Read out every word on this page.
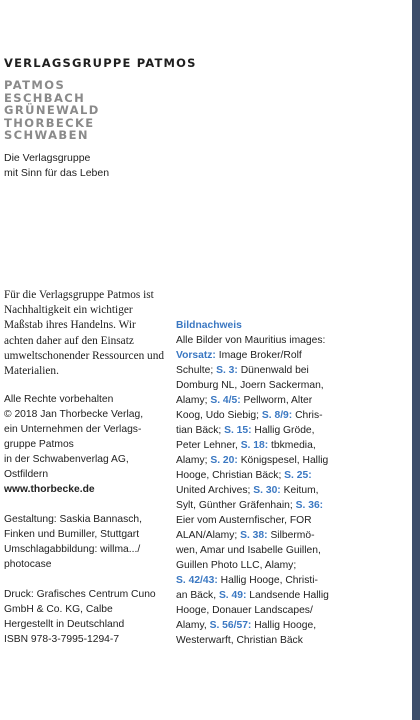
VERLAGSGRUPPE PATMOS
PATMOS
ESCHBACH
GRÜNEWALD
THORBECKE
SCHWABEN
Die Verlagsgruppe
mit Sinn für das Leben

Für die Verlagsgruppe Patmos ist Nachhaltigkeit ein wichtiger Maßstab ihres Handelns. Wir achten daher auf den Einsatz umweltschonender Ressourcen und Materialien.

Alle Rechte vorbehalten
© 2018 Jan Thorbecke Verlag,
ein Unternehmen der Verlags-
gruppe Patmos
in der Schwabenverlag AG,
Ostfildern
www.thorbecke.de
Gestaltung: Saskia Bannasch,
Finken und Bumiller, Stuttgart
Umschlagabbildung: willma.../
photocase
Druck: Grafisches Centrum Cuno
GmbH & Co. KG, Calbe
Hergestellt in Deutschland
ISBN 978-3-7995-1294-7
Bildnachweis
Alle Bilder von Mauritius images:
Vorsatz: Image Broker/Rolf
Schulte; S. 3: Dünenwald bei
Domburg NL, Joern Sackerman,
Alamy; S. 4/5: Pellworm, Alter
Koog, Udo Siebig; S. 8/9: Chris-
tian Bäck; S. 15: Hallig Gröde,
Peter Lehner, S. 18: tbkmedia,
Alamy; S. 20: Königspesel, Hallig
Hooge, Christian Bäck; S. 25:
United Archives; S. 30: Keitum,
Sylt, Günther Gräfenhain; S. 36:
Eier vom Austernfischer, FOR
ALAN/Alamy; S. 38: Silbermö-
wen, Amar und Isabelle Guillen,
Guillen Photo LLC, Alamy;
S. 42/43: Hallig Hooge, Christi-
an Bäck, S. 49: Landsende Hallig
Hooge, Donauer Landscapes/
Alamy, S. 56/57: Hallig Hooge,
Westerwarft, Christian Bäck
